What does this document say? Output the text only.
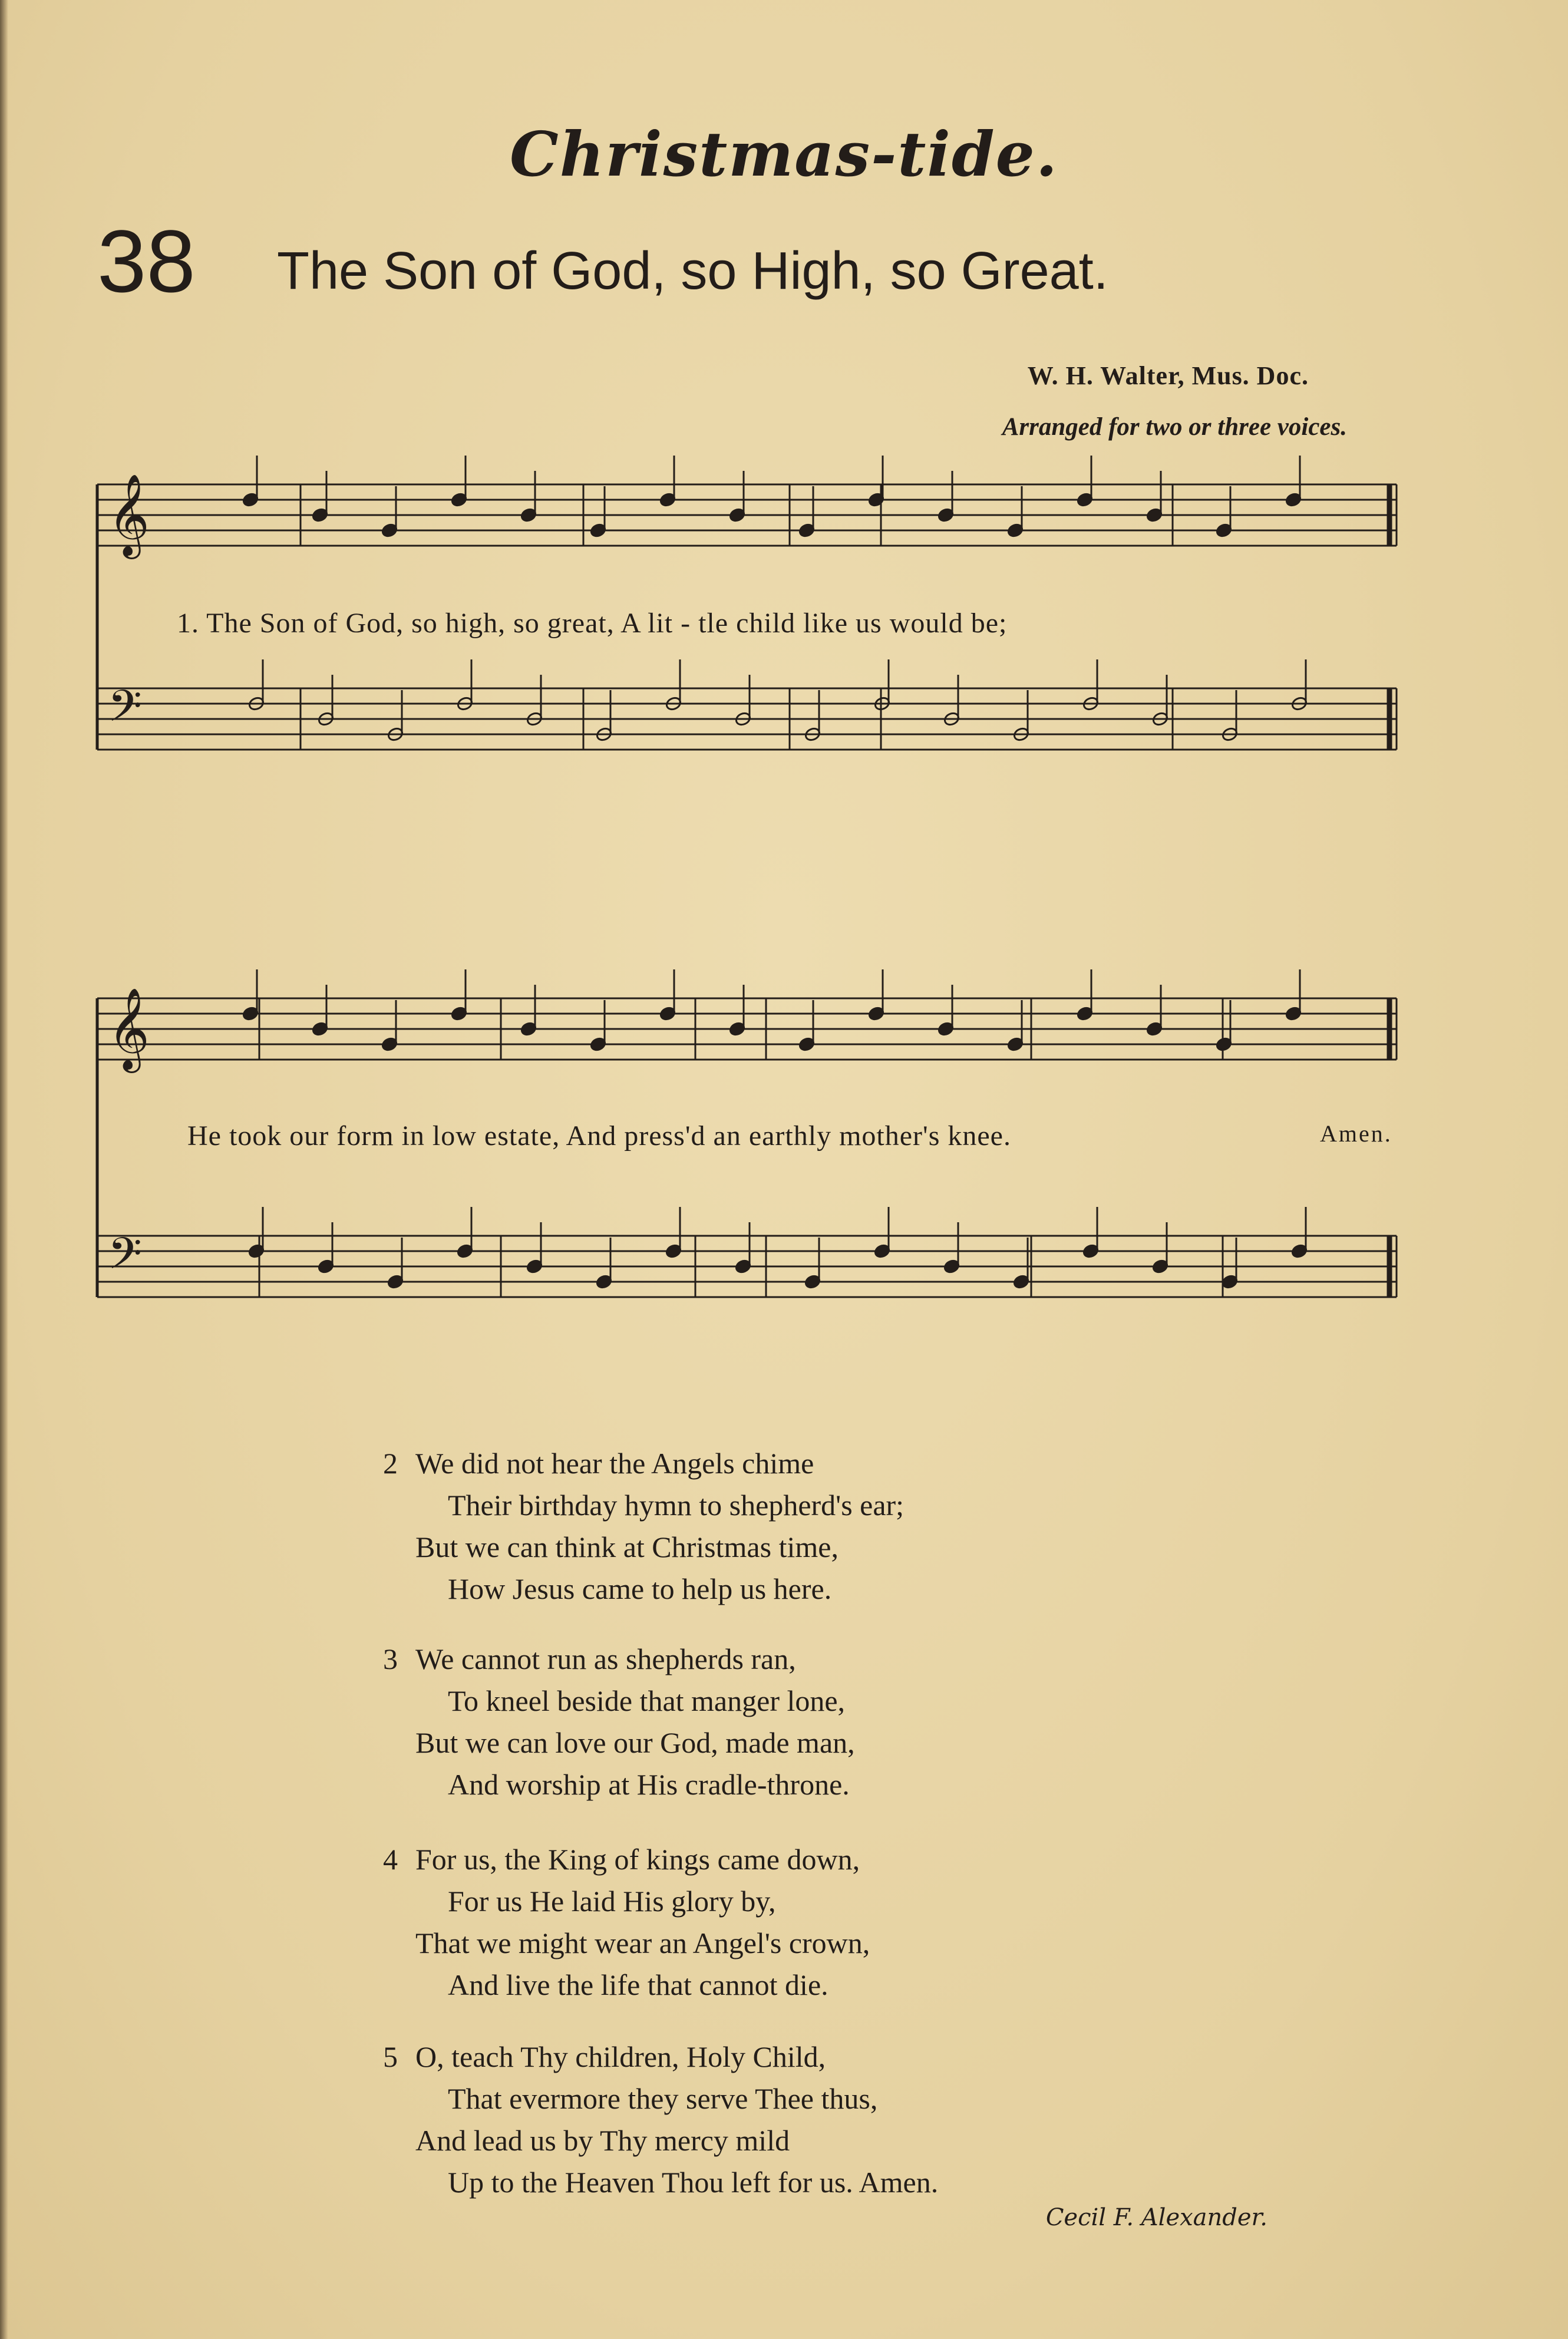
Christmas-tide.
38 The Son of God, so High, so Great.
W. H. Walter, Mus. Doc.
Arranged for two or three voices.
𝄞
𝄢
𝄞
𝄢
1. The Son of God, so high, so great, A lit - tle child like us would be;
He took our form in low estate, And press'd an earthly mother's knee.	Amen.
2 We did not hear the Angels chime
Their birthday hymn to shepherd's ear;
But we can think at Christmas time,
How Jesus came to help us here.
3 We cannot run as shepherds ran,
To kneel beside that manger lone,
But we can love our God, made man,
And worship at His cradle-throne.
4 For us, the King of kings came down,
For us He laid His glory by,
That we might wear an Angel's crown,
And live the life that cannot die.
5 O, teach Thy children, Holy Child,
That evermore they serve Thee thus,
And lead us by Thy mercy mild
Up to the Heaven Thou left for us. Amen.
Cecil F. Alexander.
